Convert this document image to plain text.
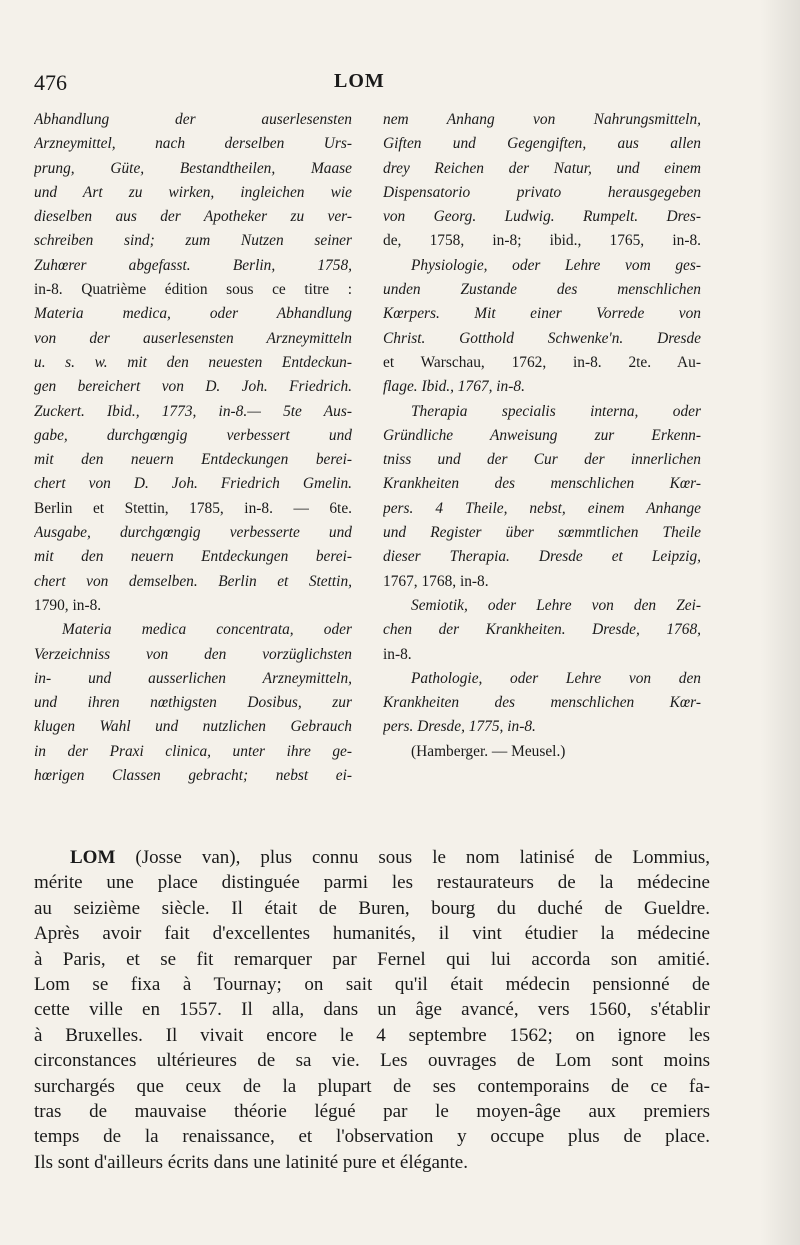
476	LOM
Abhandlung der auserlesensten
Arzneymittel, nach derselben Urs-
prung, Güte, Bestandtheilen, Maase
und Art zu wirken, ingleichen wie
dieselben aus der Apotheker zu ver-
schreiben sind; zum Nutzen seiner
Zuhœrer abgefasst. Berlin, 1758,
in-8. Quatrième édition sous ce titre :
Materia medica, oder Abhandlung
von der auserlesensten Arzneymitteln
u. s. w. mit den neuesten Entdeckun-
gen bereichert von D. Joh. Friedrich.
Zuckert. Ibid., 1773, in-8.— 5te Aus-
gabe, durchgœngig verbessert und
mit den neuern Entdeckungen berei-
chert von D. Joh. Friedrich Gmelin.
Berlin et Stettin, 1785, in-8. — 6te.
Ausgabe, durchgœngig verbesserte und
mit den neuern Entdeckungen berei-
chert von demselben. Berlin et Stettin,
1790, in-8.
Materia medica concentrata, oder
Verzeichniss von den vorzüglichsten
in- und ausserlichen Arzneymitteln,
und ihren nœthigsten Dosibus, zur
klugen Wahl und nutzlichen Gebrauch
in der Praxi clinica, unter ihre ge-
hœrigen Classen gebracht; nebst ei-
nem Anhang von Nahrungsmitteln,
Giften und Gegengiften, aus allen
drey Reichen der Natur, und einem
Dispensatorio privato herausgegeben
von Georg. Ludwig. Rumpelt. Dres-
de, 1758, in-8; ibid., 1765, in-8.
Physiologie, oder Lehre vom ges-
unden Zustande des menschlichen
Kœrpers. Mit einer Vorrede von
Christ. Gotthold Schwenke'n. Dresde
et Warschau, 1762, in-8. 2te. Au-
flage. Ibid., 1767, in-8.
Therapia specialis interna, oder
Gründliche Anweisung zur Erkenn-
tniss und der Cur der innerlichen
Krankheiten des menschlichen Kœr-
pers. 4 Theile, nebst, einem Anhange
und Register über sœmmtlichen Theile
dieser Therapia. Dresde et Leipzig,
1767, 1768, in-8.
Semiotik, oder Lehre von den Zei-
chen der Krankheiten. Dresde, 1768,
in-8.
Pathologie, oder Lehre von den
Krankheiten des menschlichen Kœr-
pers. Dresde, 1775, in-8.
(Hamberger. — Meusel.)
LOM (Josse van), plus connu sous le nom latinisé de Lommius,
mérite une place distinguée parmi les restaurateurs de la médecine
au seizième siècle. Il était de Buren, bourg du duché de Gueldre.
Après avoir fait d'excellentes humanités, il vint étudier la médecine
à Paris, et se fit remarquer par Fernel qui lui accorda son amitié.
Lom se fixa à Tournay; on sait qu'il était médecin pensionné de
cette ville en 1557. Il alla, dans un âge avancé, vers 1560, s'établir
à Bruxelles. Il vivait encore le 4 septembre 1562; on ignore les
circonstances ultérieures de sa vie. Les ouvrages de Lom sont moins
surchargés que ceux de la plupart de ses contemporains de ce fa-
tras de mauvaise théorie légué par le moyen-âge aux premiers
temps de la renaissance, et l'observation y occupe plus de place.
Ils sont d'ailleurs écrits dans une latinité pure et élégante.
